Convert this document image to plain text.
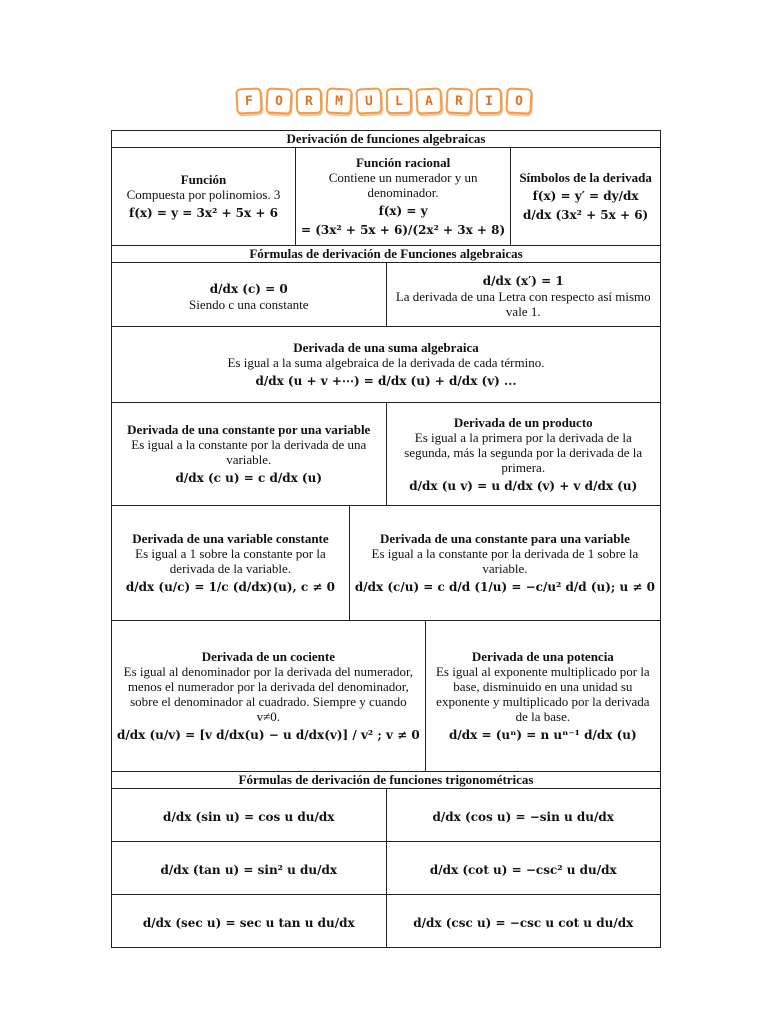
F	O	R	M	U	L	A	R	I	O
Derivación de funciones algebraicas
Función

Compuesta por polinomios. 3

f(x) = y = 3x² + 5x + 6
Función racional

Contiene un numerador y un denominador.

f(x) = y
= (3x² + 5x + 6)/(2x² + 3x + 8)
Símbolos de la derivada
f(x) = y′ = dy/dx
d/dx (3x² + 5x + 6)
Fórmulas de derivación de Funciones algebraicas
d/dx (c) = 0

Siendo c una constante

d/dx (x′) = 1

La derivada de una Letra con respecto así mismo vale 1.

Derivada de una suma algebraica

Es igual a la suma algebraica de la derivada de cada término.

d/dx (u + v +⋯) = d/dx (u) + d/dx (v) ...
Derivada de una constante por una variable

Es igual a la constante por la derivada de una variable.

d/dx (c u) = c d/dx (u)
Derivada de un producto

Es igual a la primera por la derivada de la segunda, más la segunda por la derivada de la primera.

d/dx (u v) = u d/dx (v) + v d/dx (u)
Derivada de una variable constante

Es igual a 1 sobre la constante por la derivada de la variable.

d/dx (u/c) = 1/c (d/dx)(u), c ≠ 0
Derivada de una constante para una variable

Es igual a la constante por la derivada de 1 sobre la variable.

d/dx (c/u) = c d/d (1/u) = −c/u² d/d (u); u ≠ 0
Derivada de un cociente

Es igual al denominador por la derivada del numerador, menos el numerador por la derivada del denominador, sobre el denominador al cuadrado. Siempre y cuando v≠0.

d/dx (u/v) = [v d/dx(u) − u d/dx(v)] / v² ; v ≠ 0
Derivada de una potencia

Es igual al exponente multiplicado por la base, disminuido en una unidad su exponente y multiplicado por la derivada de la base.

d/dx = (uⁿ) = n uⁿ⁻¹ d/dx (u)
Fórmulas de derivación de funciones trigonométricas
d/dx (sin u) = cos u du/dx	d/dx (cos u) = −sin u du/dx
d/dx (tan u) = sin² u du/dx	d/dx (cot u) = −csc² u du/dx
d/dx (sec u) = sec u tan u du/dx	d/dx (csc u) = −csc u cot u du/dx
